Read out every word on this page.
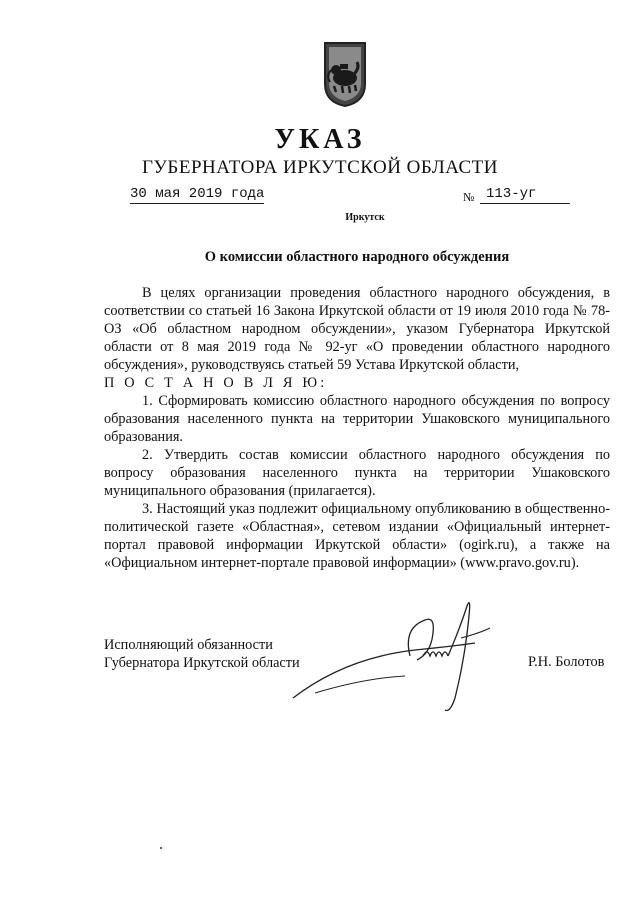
УКАЗ
ГУБЕРНАТОРА ИРКУТСКОЙ ОБЛАСТИ
30 мая 2019 года	№ 113-уг
Иркутск
О комиссии областного народного обсуждения

В целях организации проведения областного народного обсуждения, в соответствии со статьей 16 Закона Иркутской области от 19 июля 2010 года № 78-ОЗ «Об областном народном обсуждении», указом Губернатора Иркутской области от 8 мая 2019 года № 92-уг «О проведении областного народного обсуждения», руководствуясь статьей 59 Устава Иркутской области,

П О С Т А Н О В Л Я Ю:

1. Сформировать комиссию областного народного обсуждения по вопросу образования населенного пункта на территории Ушаковского муниципального образования.

2. Утвердить состав комиссии областного народного обсуждения по вопросу образования населенного пункта на территории Ушаковского муниципального образования (прилагается).

3. Настоящий указ подлежит официальному опубликованию в общественно-политической газете «Областная», сетевом издании «Официальный интернет-портал правовой информации Иркутской области» (ogirk.ru), а также на «Официальном интернет-портале правовой информации» (www.pravo.gov.ru).

Исполняющий обязанности
Губернатора Иркутской области	Р.Н. Болотов
